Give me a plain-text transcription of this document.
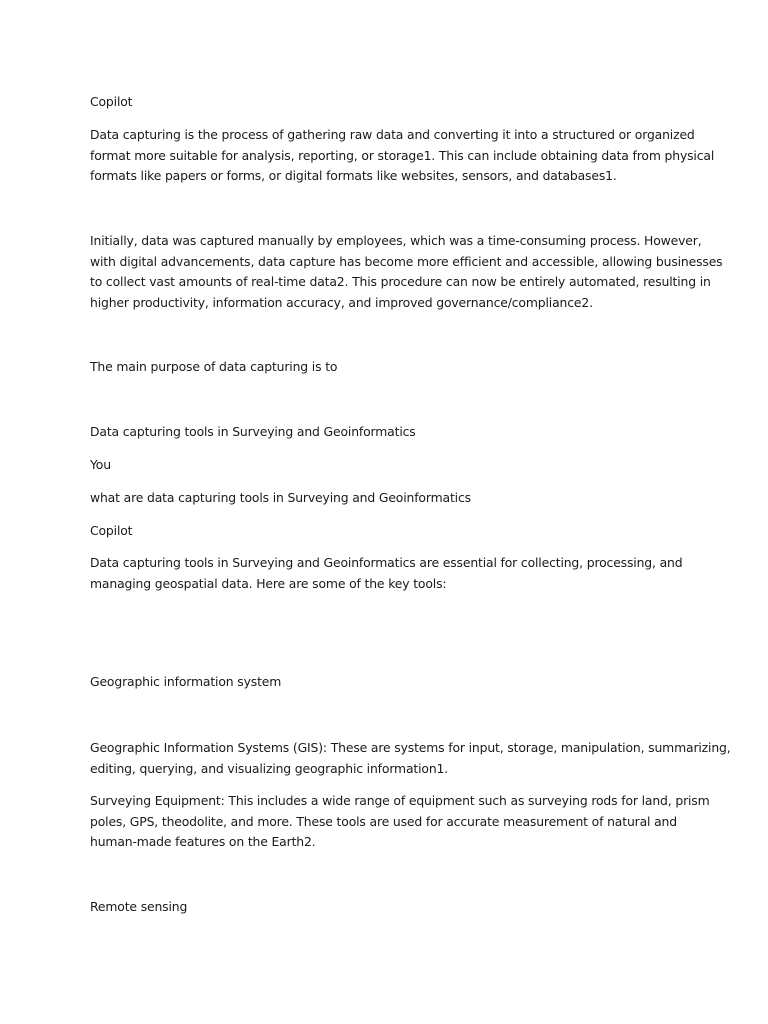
Copilot

Data capturing is the process of gathering raw data and converting it into a structured or organized
format more suitable for analysis, reporting, or storage1. This can include obtaining data from physical
formats like papers or forms, or digital formats like websites, sensors, and databases1.

Initially, data was captured manually by employees, which was a time-consuming process. However,
with digital advancements, data capture has become more efficient and accessible, allowing businesses
to collect vast amounts of real-time data2. This procedure can now be entirely automated, resulting in
higher productivity, information accuracy, and improved governance/compliance2.

The main purpose of data capturing is to

Data capturing tools in Surveying and Geoinformatics

You

what are data capturing tools in Surveying and Geoinformatics

Copilot

Data capturing tools in Surveying and Geoinformatics are essential for collecting, processing, and
managing geospatial data. Here are some of the key tools:

Geographic information system

Geographic Information Systems (GIS): These are systems for input, storage, manipulation, summarizing,
editing, querying, and visualizing geographic information1.

Surveying Equipment: This includes a wide range of equipment such as surveying rods for land, prism
poles, GPS, theodolite, and more. These tools are used for accurate measurement of natural and
human-made features on the Earth2.

Remote sensing
